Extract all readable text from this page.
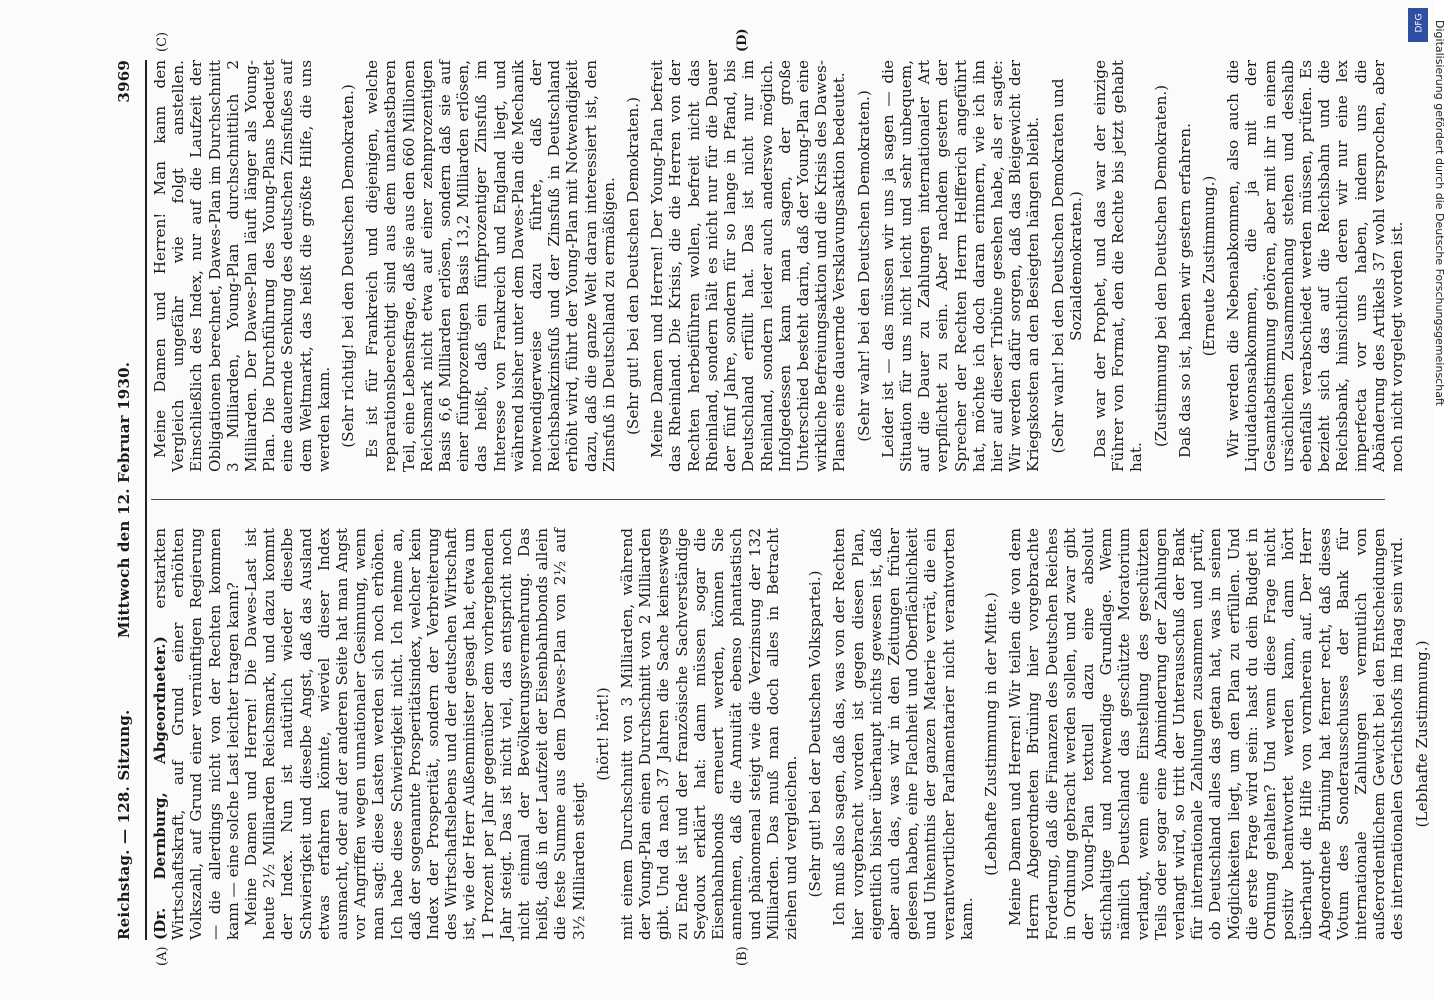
Reichstag. — 128. Sitzung.
Mittwoch den 12. Februar 1930.
3969

(Dr. Dernburg, Abgeordneter.) erstarkten Wirtschaftskraft, auf Grund einer erhöhten Volkszahl, auf Grund einer vernünftigen Regierung — die allerdings nicht von der Rechten kommen kann — eine solche Last leichter tragen kann? Meine Damen und Herren! Die Dawes-Last ist heute 2½ Milliarden Reichsmark, und dazu kommt der Index. Nun ist natürlich wieder dieselbe Schwierigkeit und dieselbe Angst, daß das Ausland etwas erfahren könnte, wieviel dieser Index ausmacht, oder auf der anderen Seite hat man Angst vor Angriffen wegen unnationaler Gesinnung, wenn man sagt: diese Lasten werden sich noch erhöhen. Ich habe diese Schwierigkeit nicht. Ich nehme an, daß der sogenannte Prosperitätsindex, welcher kein Index der Prosperität, sondern der Verbreiterung des Wirtschaftslebens und der deutschen Wirtschaft ist, wie der Herr Außenminister gesagt hat, etwa um 1 Prozent per Jahr gegenüber dem vorhergehenden Jahr steigt. Das ist nicht viel, das entspricht noch nicht einmal der Bevölkerungsvermehrung. Das heißt, daß in der Laufzeit der Eisenbahnbonds allein die feste Summe aus dem Dawes-Plan von 2½ auf 3½ Milliarden steigt

(hört! hört!) mit einem Durchschnitt von 3 Milliarden, während der Young-Plan einen Durchschnitt von 2 Milliarden gibt. Und da nach 37 Jahren die Sache keineswegs zu Ende ist und der französische Sachverständige Seydoux erklärt hat: dann müssen sogar die Eisenbahnbonds erneuert werden, können Sie annehmen, daß die Annuität ebenso phantastisch und phänomenal steigt wie die Verzinsung der 132 Milliarden. Das muß man doch alles in Betracht ziehen und vergleichen. (Sehr gut! bei der Deutschen Volkspartei.) Ich muß also sagen, daß das, was von der Rechten hier vorgebracht worden ist gegen diesen Plan, eigentlich bisher überhaupt nichts gewesen ist, daß aber auch das, was wir in den Zeitungen früher gelesen haben, eine Flachheit und Oberflächlichkeit und Unkenntnis der ganzen Materie verrät, die ein verantwortlicher Parlamentarier nicht verantworten kann.

(Lebhafte Zustimmung in der Mitte.) Meine Damen und Herren! Wir teilen die von dem Herrn Abgeordneten Brüning hier vorgebrachte Forderung, daß die Finanzen des Deutschen Reiches in Ordnung gebracht werden sollen, und zwar gibt der Young-Plan textuell dazu eine absolut stichhaltige und notwendige Grundlage. Wenn nämlich Deutschland das geschützte Moratorium verlangt, wenn eine Einstellung des geschützten Teils oder sogar eine Abminderung der Zahlungen verlangt wird, so tritt der Unterausschuß der Bank für internationale Zahlungen zusammen und prüft, ob Deutschland alles das getan hat, was in seinen Möglichkeiten liegt, um den Plan zu erfüllen. Und die erste Frage wird sein: hast du dein Budget in Ordnung gehalten? Und wenn diese Frage nicht positiv beantwortet werden kann, dann hört überhaupt die Hilfe von vornherein auf. Der Herr Abgeordnete Brüning hat ferner recht, daß dieses Votum des Sonderausschusses der Bank für internationale Zahlungen vermutlich von außerordentlichem Gewicht bei den Entscheidungen des internationalen Gerichtshofs im Haag sein wird. (Lebhafte Zustimmung.)

Meine Damen und Herren! Man kann den Vergleich ungefähr wie folgt anstellen. Einschließlich des Index, nur auf die Laufzeit der Obligationen berechnet, Dawes-Plan im Durchschnitt 3 Milliarden, Young-Plan durchschnittlich 2 Milliarden. Der Dawes-Plan läuft länger als Young-Plan. Die Durchführung des Young-Plans bedeutet eine dauernde Senkung des deutschen Zinsfußes auf dem Weltmarkt, das heißt die größte Hilfe, die uns werden kann. (Sehr richtig! bei den Deutschen Demokraten.) Es ist für Frankreich und diejenigen, welche reparationsberechtigt sind aus dem unantastbaren Teil, eine Lebensfrage, daß sie aus den 660 Millionen Reichsmark nicht etwa auf einer zehnprozentigen Basis 6,6 Milliarden erlösen, sondern daß sie auf einer fünfprozentigen Basis 13,2 Milliarden erlösen, das heißt, daß ein fünfprozentiger Zinsfuß im Interesse von Frankreich und England liegt, und während bisher unter dem Dawes-Plan die Mechanik notwendigerweise dazu führte, daß der Reichsbankzinsfuß und der Zinsfuß in Deutschland erhöht wird, führt der Young-Plan mit Notwendigkeit dazu, daß die ganze Welt daran interessiert ist, den Zinsfuß in Deutschland zu ermäßigen. (Sehr gut! bei den Deutschen Demokraten.) Meine Damen und Herren! Der Young-Plan befreit das Rheinland. Die Krisis, die die Herren von der Rechten herbeiführen wollen, befreit nicht das Rheinland, sondern hält es nicht nur für die Dauer der fünf Jahre, sondern für so lange in Pfand, bis Deutschland erfüllt hat. Das ist nicht nur im Rheinland, sondern leider auch anderswo möglich. Infolgedessen kann man sagen, der große Unterschied besteht darin, daß der Young-Plan eine wirkliche Befreiungsaktion und die Krisis des Dawes-Planes eine dauernde Versklavungsaktion bedeutet. (Sehr wahr! bei den Deutschen Demokraten.) Leider ist — das müssen wir uns ja sagen — die Situation für uns nicht leicht und sehr unbequem, auf die Dauer zu Zahlungen internationaler Art verpflichtet zu sein. Aber nachdem gestern der Sprecher der Rechten Herrn Helfferich angeführt hat, möchte ich doch daran erinnern, wie ich ihn hier auf dieser Tribüne gesehen habe, als er sagte: Wir werden dafür sorgen, daß das Bleigewicht der Kriegskosten an den Besiegten hängen bleibt. (Sehr wahr! bei den Deutschen Demokraten und Sozialdemokraten.) Das war der Prophet, und das war der einzige Führer von Format, den die Rechte bis jetzt gehabt hat.

(Zustimmung bei den Deutschen Demokraten.) Daß das so ist, haben wir gestern erfahren. (Erneute Zustimmung.) Wir werden die Nebenabkommen, also auch die Liquidationsabkommen, die ja mit der Gesamtabstimmung gehören, aber mit ihr in einem ursächlichen Zusammenhang stehen und deshalb ebenfalls verabschiedet werden müssen, prüfen. Es bezieht sich das auf die Reichsbahn und die Reichsbank, hinsichtlich deren wir nur eine lex imperfecta vor uns haben, indem uns die Abänderung des Artikels 37 wohl versprochen, aber noch nicht vorgelegt worden ist.

(A)	(B)
(C)	(D)	Digitalisierung gefördert durch die Deutsche Forschungsgemeinschaft
DFG
